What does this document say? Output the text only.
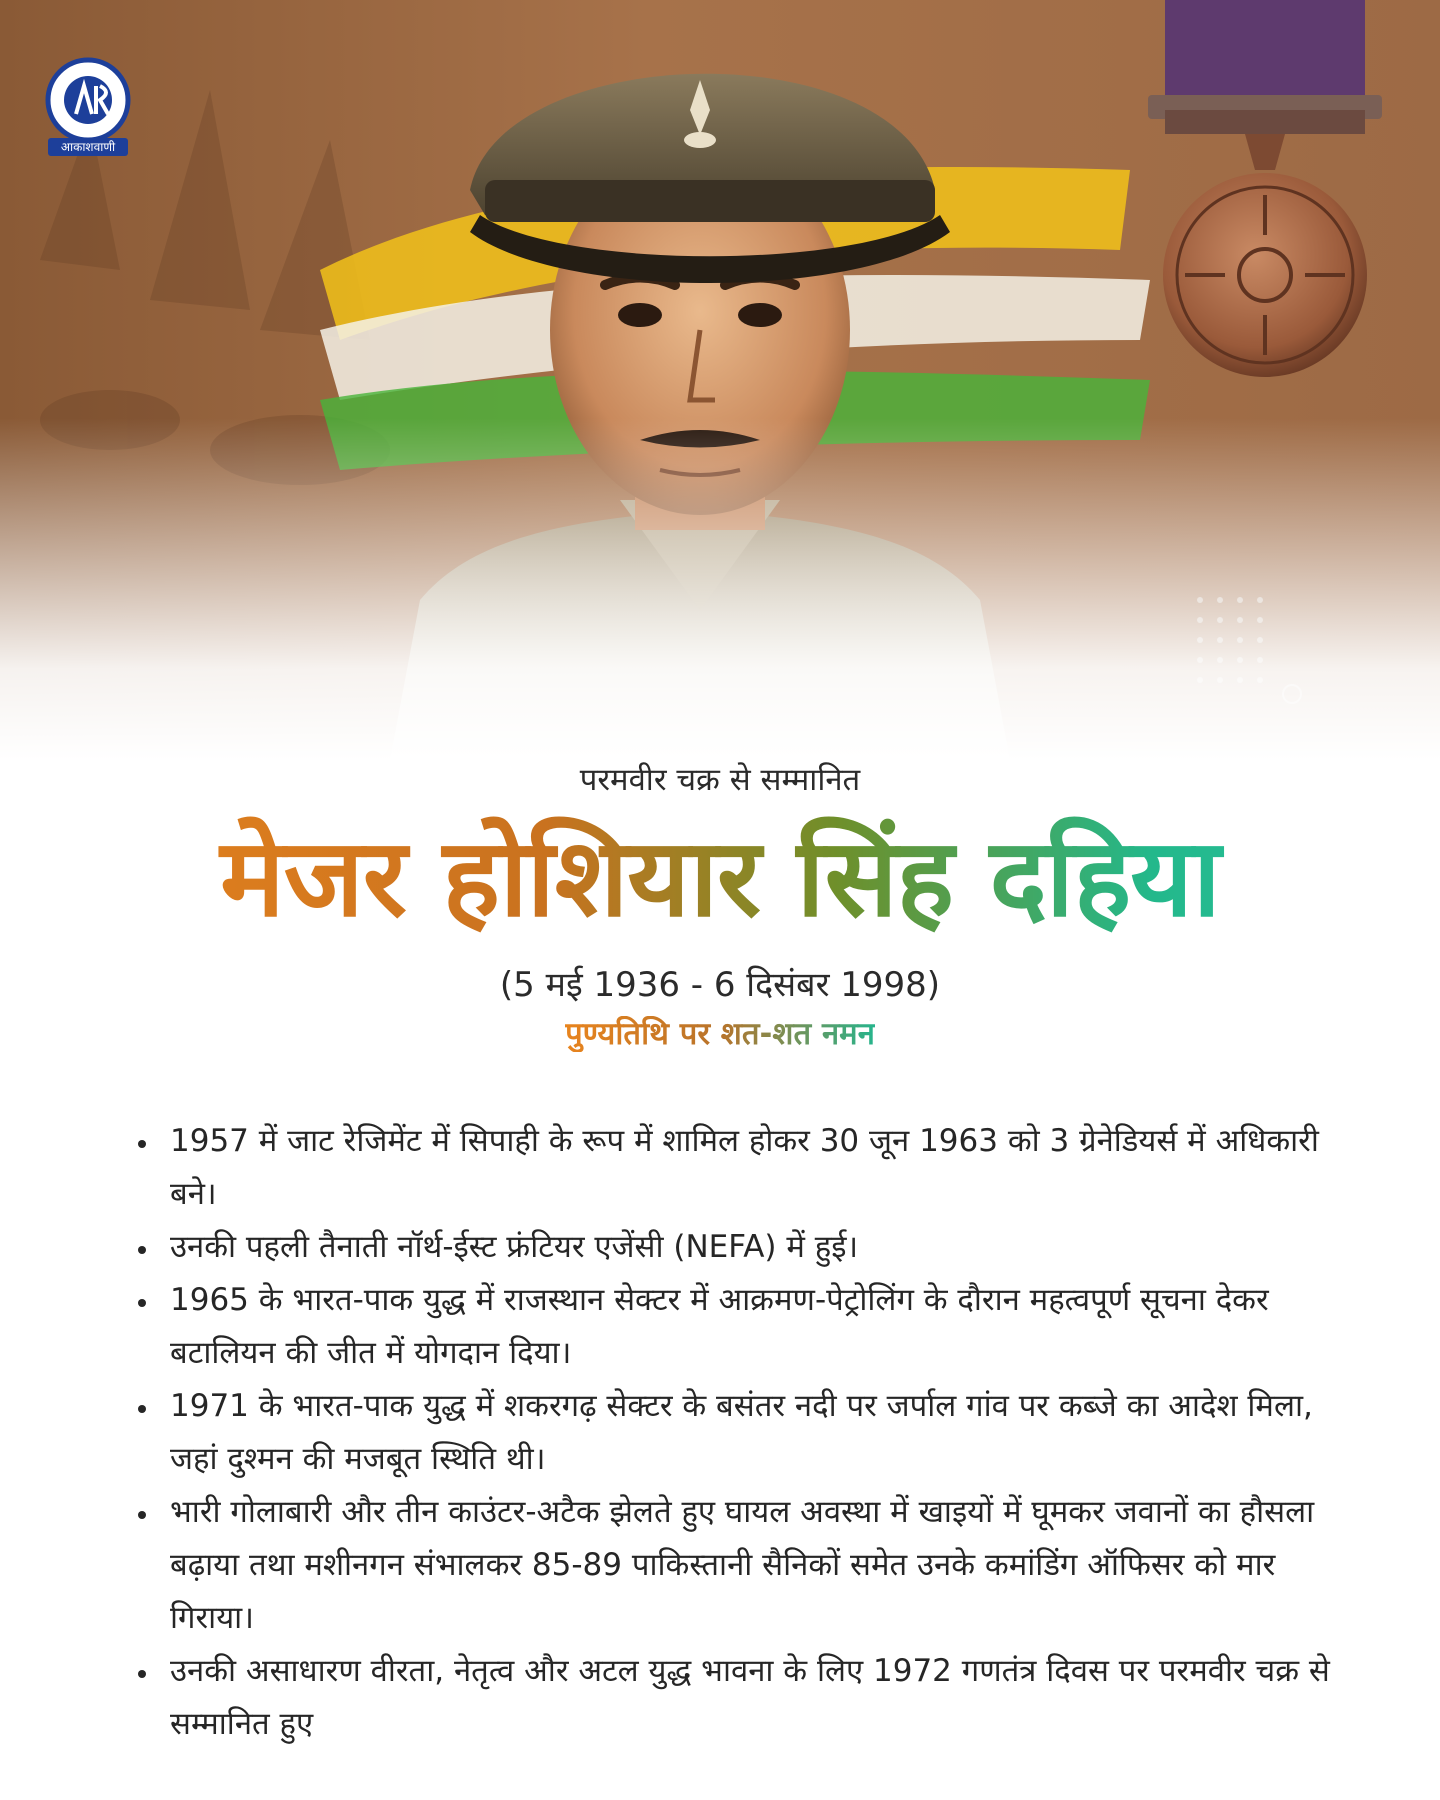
आकाशवाणी
परमवीर चक्र से सम्मानित
मेजर होशियार सिंह दहिया
(5 मई 1936 - 6 दिसंबर 1998)
पुण्यतिथि पर शत-शत नमन
1957 में जाट रेजिमेंट में सिपाही के रूप में शामिल होकर 30 जून 1963 को 3 ग्रेनेडियर्स में अधिकारी बने।
उनकी पहली तैनाती नॉर्थ-ईस्ट फ्रंटियर एजेंसी (NEFA) में हुई।
1965 के भारत-पाक युद्ध में राजस्थान सेक्टर में आक्रमण-पेट्रोलिंग के दौरान महत्वपूर्ण सूचना देकर बटालियन की जीत में योगदान दिया।
1971 के भारत-पाक युद्ध में शकरगढ़ सेक्टर के बसंतर नदी पर जर्पाल गांव पर कब्जे का आदेश मिला, जहां दुश्मन की मजबूत स्थिति थी।
भारी गोलाबारी और तीन काउंटर-अटैक झेलते हुए घायल अवस्था में खाइयों में घूमकर जवानों का हौसला बढ़ाया तथा मशीनगन संभालकर 85-89 पाकिस्तानी सैनिकों समेत उनके कमांडिंग ऑफिसर को मार गिराया।
उनकी असाधारण वीरता, नेतृत्व और अटल युद्ध भावना के लिए 1972 गणतंत्र दिवस पर परमवीर चक्र से सम्मानित हुए
